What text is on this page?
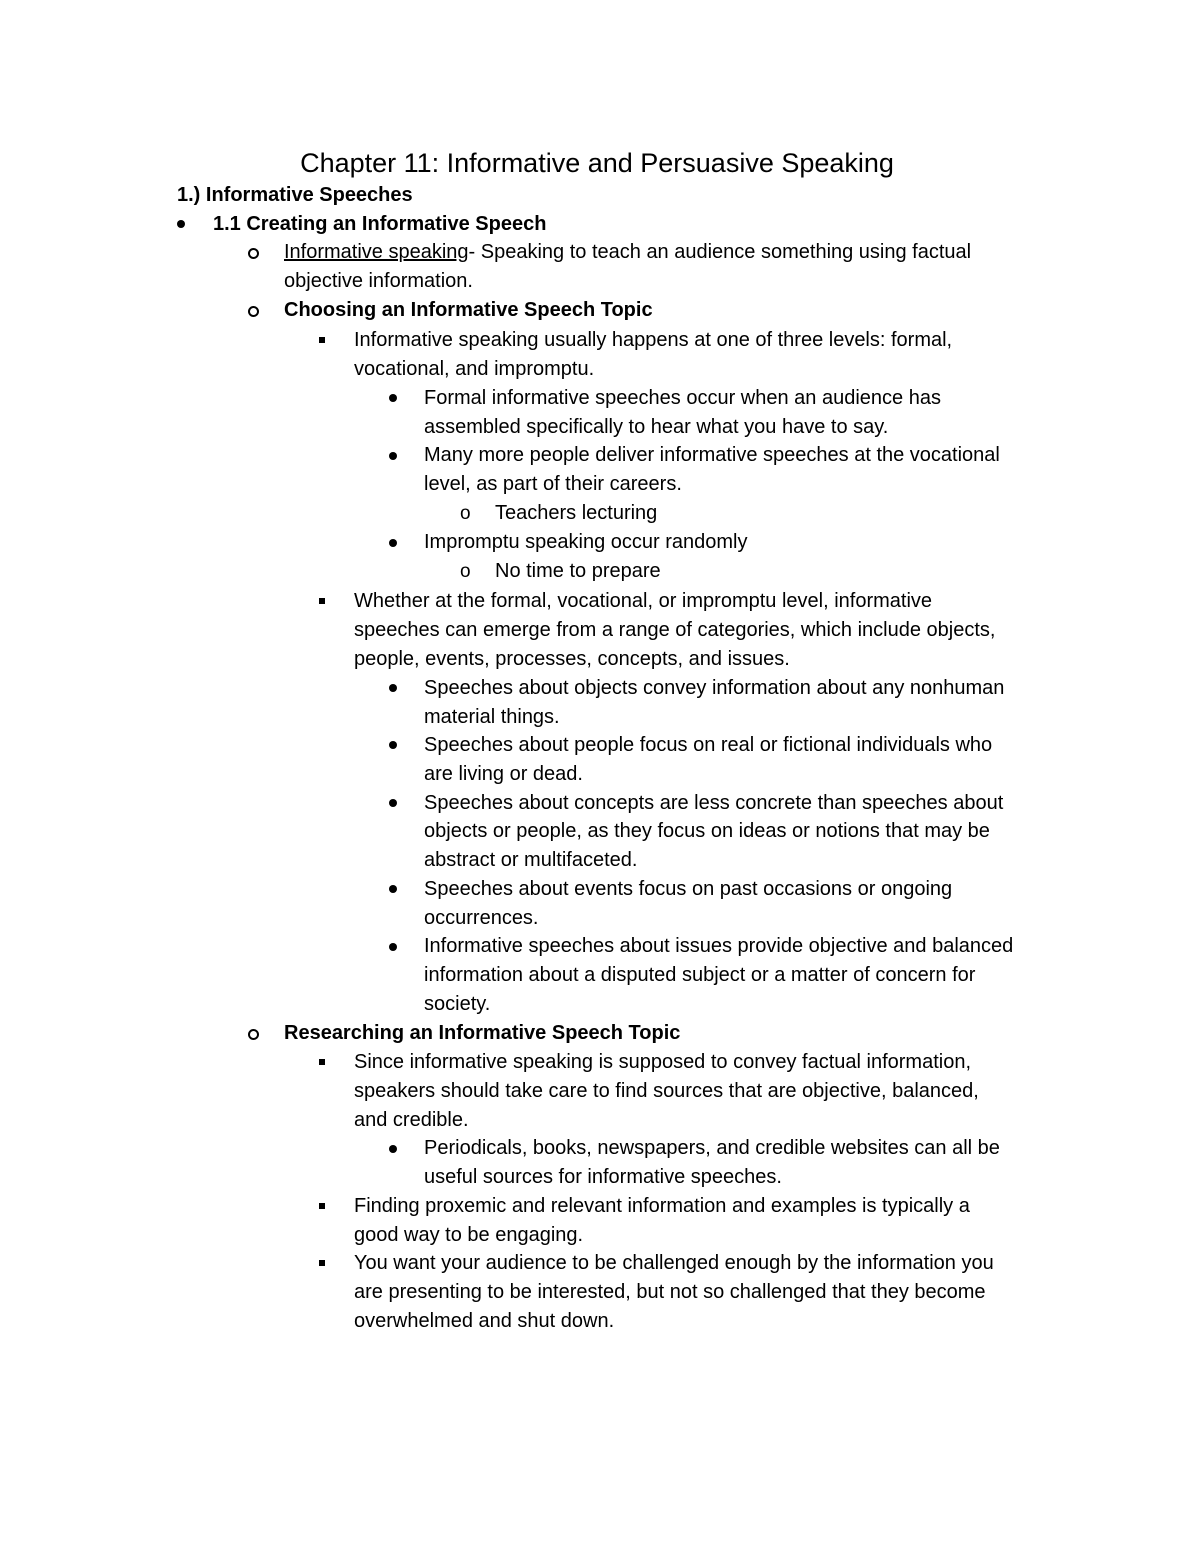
Chapter 11: Informative and Persuasive Speaking
1.) Informative Speeches
1.1 Creating an Informative Speech
Informative speaking- Speaking to teach an audience something using factual
objective information.
Choosing an Informative Speech Topic
Informative speaking usually happens at one of three levels: formal,
vocational, and impromptu.
Formal informative speeches occur when an audience has
assembled specifically to hear what you have to say.
Many more people deliver informative speeches at the vocational
level, as part of their careers.
o Teachers lecturing
Impromptu speaking occur randomly
o No time to prepare
Whether at the formal, vocational, or impromptu level, informative
speeches can emerge from a range of categories, which include objects,
people, events, processes, concepts, and issues.
Speeches about objects convey information about any nonhuman
material things.
Speeches about people focus on real or fictional individuals who
are living or dead.
Speeches about concepts are less concrete than speeches about
objects or people, as they focus on ideas or notions that may be
abstract or multifaceted.
Speeches about events focus on past occasions or ongoing
occurrences.
Informative speeches about issues provide objective and balanced
information about a disputed subject or a matter of concern for
society.
Researching an Informative Speech Topic
Since informative speaking is supposed to convey factual information,
speakers should take care to find sources that are objective, balanced,
and credible.
Periodicals, books, newspapers, and credible websites can all be
useful sources for informative speeches.
Finding proxemic and relevant information and examples is typically a
good way to be engaging.
You want your audience to be challenged enough by the information you
are presenting to be interested, but not so challenged that they become
overwhelmed and shut down.
